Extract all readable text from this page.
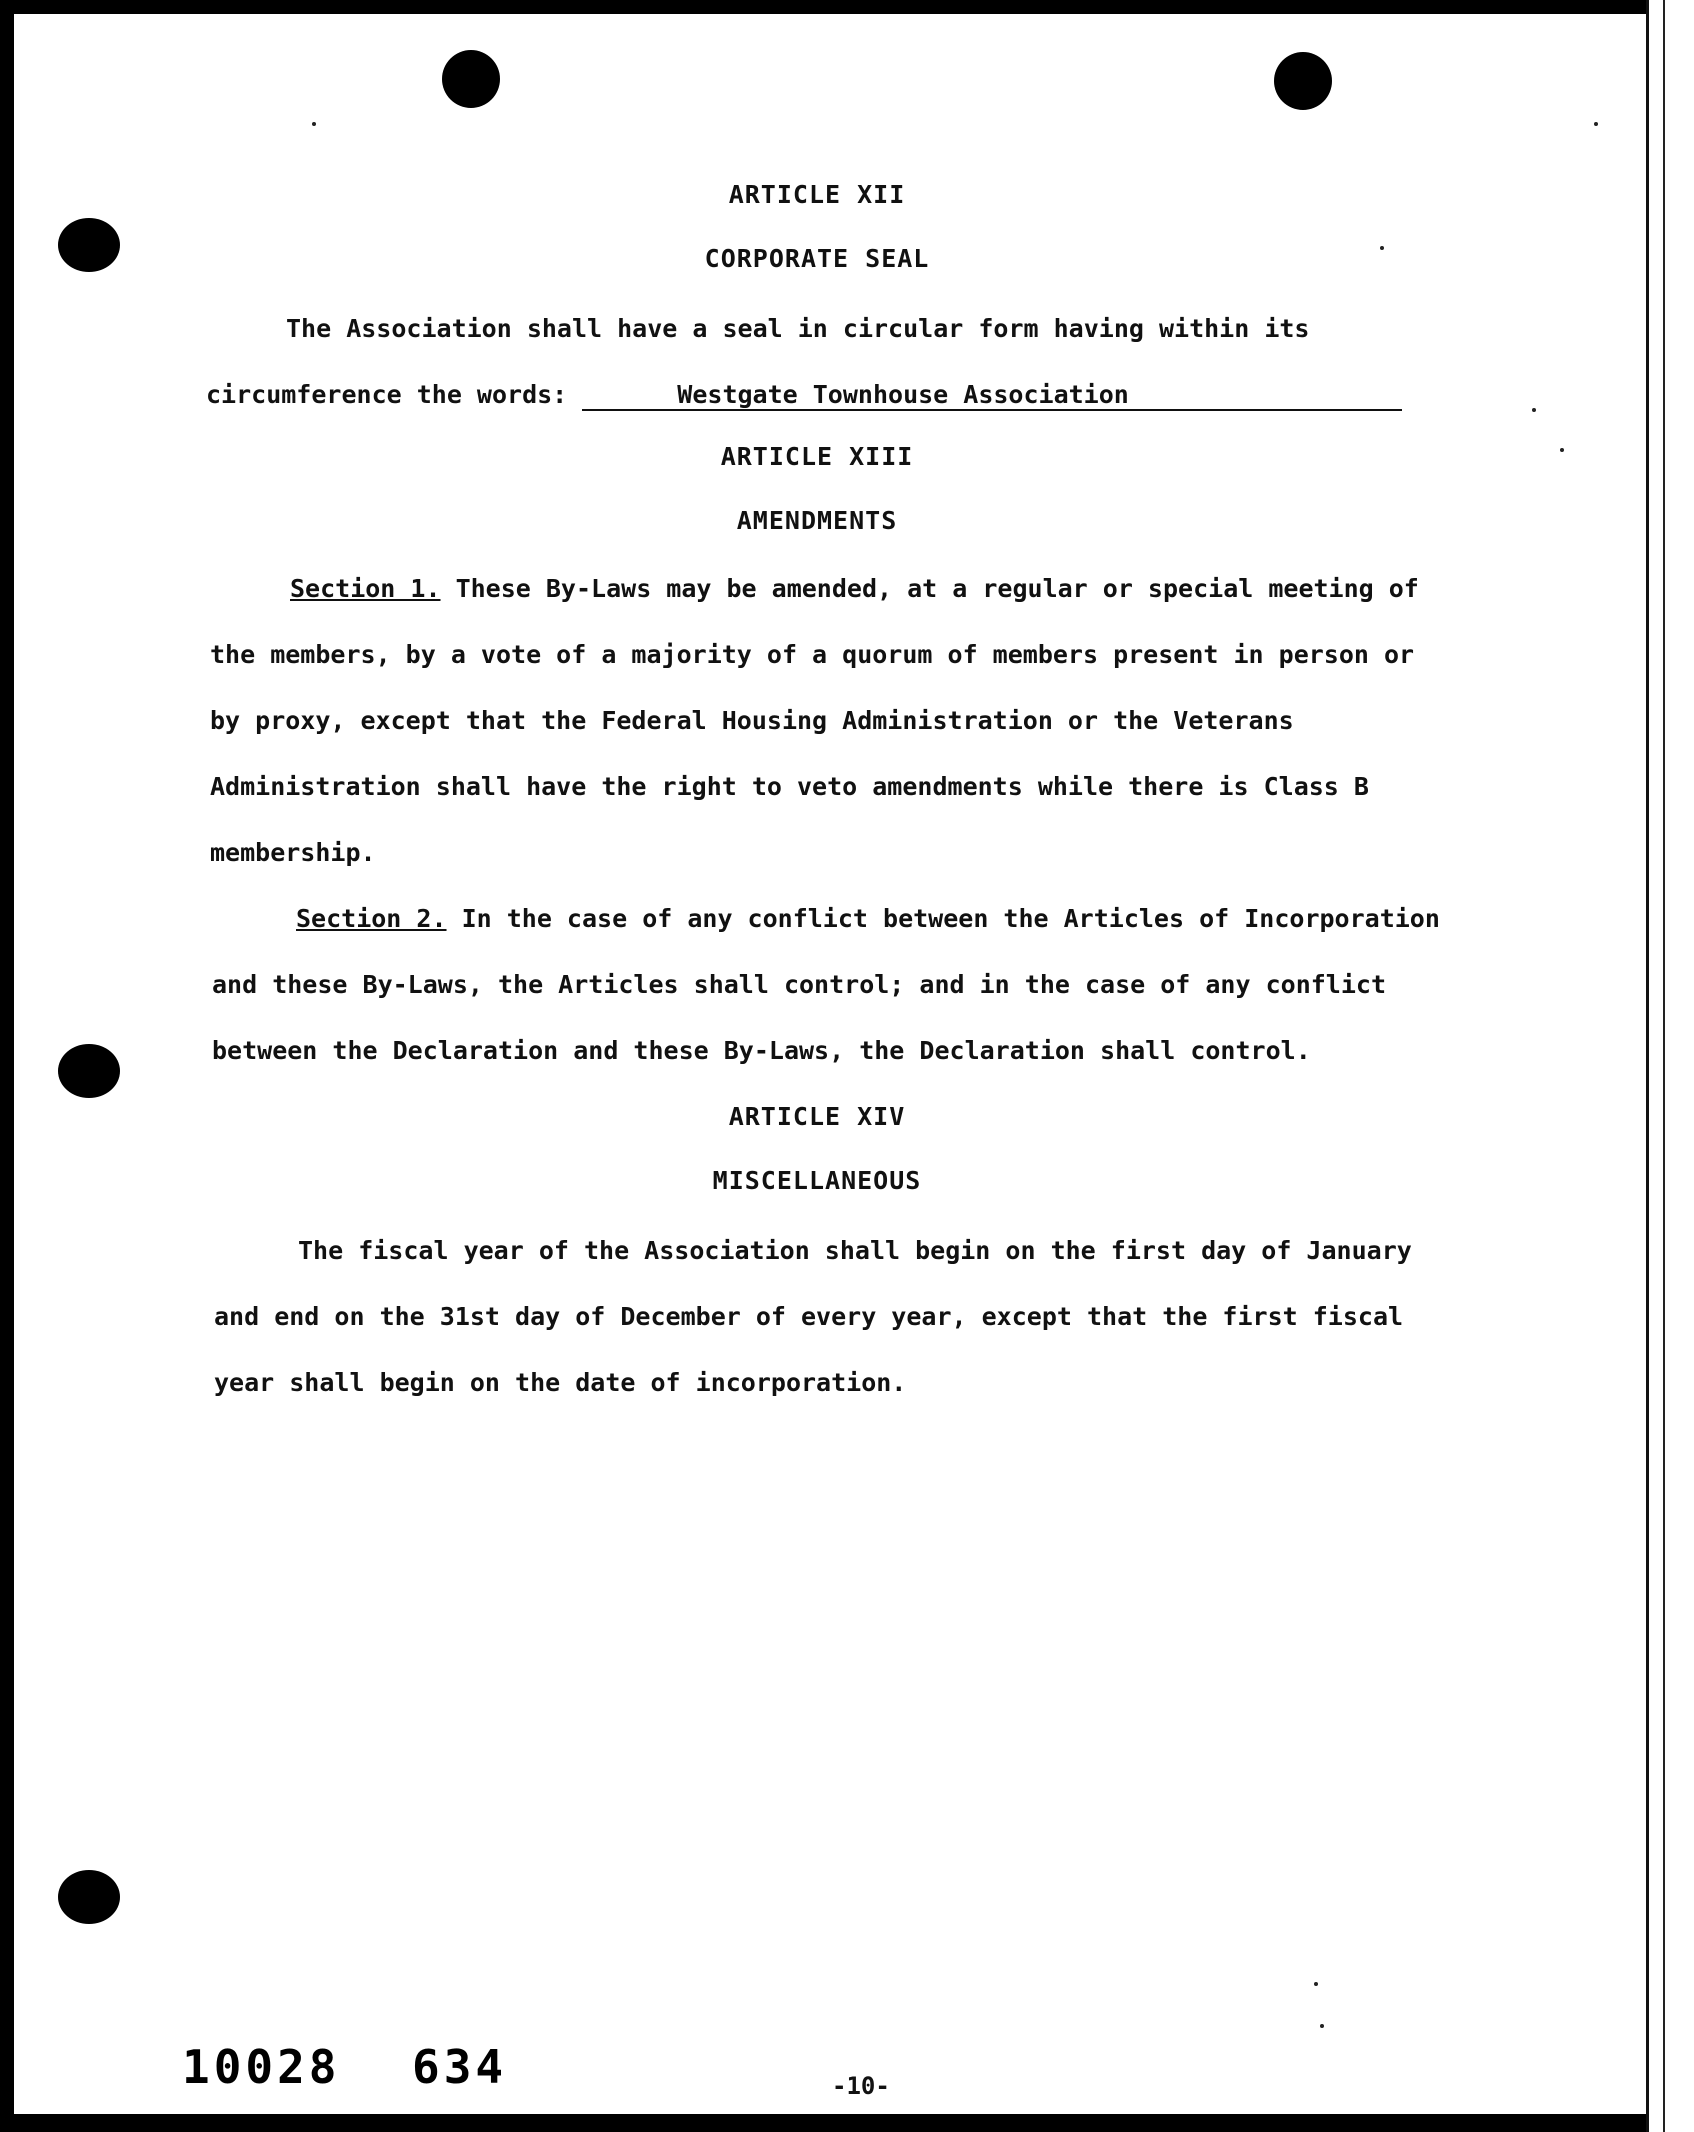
ARTICLE XII
CORPORATE SEAL
The Association shall have a seal in circular form having within its
circumference the words:	Westgate Townhouse Association
ARTICLE XIII
AMENDMENTS
Section 1. These By-Laws may be amended, at a regular or special meeting of
the members, by a vote of a majority of a quorum of members present in person or
by proxy, except that the Federal Housing Administration or the Veterans
Administration shall have the right to veto amendments while there is Class B
membership.
Section 2. In the case of any conflict between the Articles of Incorporation
and these By-Laws, the Articles shall control; and in the case of any conflict
between the Declaration and these By-Laws, the Declaration shall control.
ARTICLE XIV
MISCELLANEOUS
The fiscal year of the Association shall begin on the first day of January
and end on the 31st day of December of every year, except that the first fiscal
year shall begin on the date of incorporation.
10028 634	-10-
